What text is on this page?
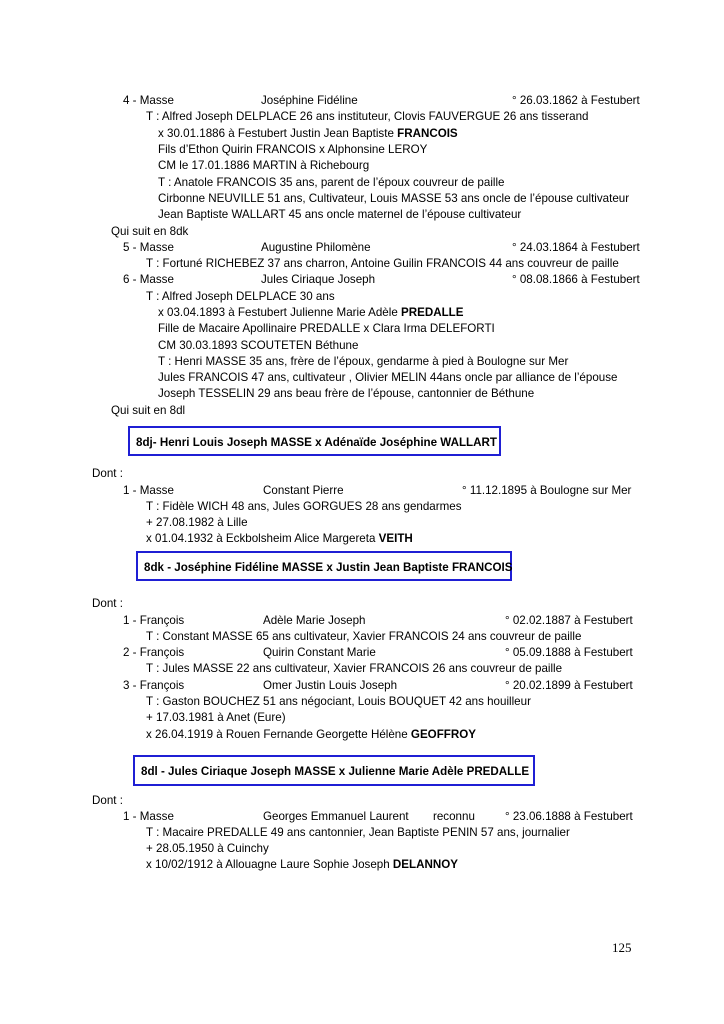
4 - Masse	Joséphine Fidéline	° 26.03.1862 à Festubert
T : Alfred Joseph DELPLACE 26 ans instituteur, Clovis FAUVERGUE 26 ans tisserand
x 30.01.1886 à Festubert Justin Jean Baptiste FRANCOIS
Fils d’Ethon Quirin FRANCOIS x Alphonsine LEROY
CM le 17.01.1886 MARTIN à Richebourg
T : Anatole FRANCOIS 35 ans, parent de l’époux couvreur de paille
Cirbonne NEUVILLE 51 ans, Cultivateur, Louis MASSE 53 ans oncle de l’épouse cultivateur
Jean Baptiste WALLART 45 ans oncle maternel de l’épouse cultivateur
Qui suit en 8dk
5 - Masse	Augustine Philomène	° 24.03.1864 à Festubert
T : Fortuné RICHEBEZ 37 ans charron, Antoine Guilin FRANCOIS 44 ans couvreur de paille
6 - Masse	Jules Ciriaque Joseph	° 08.08.1866 à Festubert
T : Alfred Joseph DELPLACE 30 ans
x 03.04.1893 à Festubert Julienne Marie Adèle PREDALLE
Fille de Macaire Apollinaire PREDALLE x Clara Irma DELEFORTI
CM 30.03.1893 SCOUTETEN Béthune
T : Henri MASSE 35 ans, frère de l’époux, gendarme à pied à Boulogne sur Mer
Jules FRANCOIS 47 ans, cultivateur , Olivier MELIN 44ans oncle par alliance de l’épouse
Joseph TESSELIN 29 ans beau frère de l’épouse, cantonnier de Béthune
Qui suit en 8dl
8dj- Henri Louis Joseph MASSE x Adénaïde Joséphine WALLART
Dont :
1 - Masse	Constant Pierre	° 11.12.1895 à Boulogne sur Mer
T : Fidèle WICH 48 ans, Jules GORGUES 28 ans gendarmes
+ 27.08.1982 à Lille
x 01.04.1932 à Eckbolsheim Alice Margereta VEITH
8dk - Joséphine Fidéline MASSE x Justin Jean Baptiste FRANCOIS
Dont :
1 - François	Adèle Marie Joseph	° 02.02.1887 à Festubert
T : Constant MASSE 65 ans cultivateur, Xavier FRANCOIS 24 ans couvreur de paille
2 - François	Quirin Constant Marie	° 05.09.1888 à Festubert
T : Jules MASSE 22 ans cultivateur, Xavier FRANCOIS 26 ans couvreur de paille
3 - François	Omer Justin Louis Joseph	° 20.02.1899 à Festubert
T : Gaston BOUCHEZ 51 ans négociant, Louis BOUQUET 42 ans houilleur
+ 17.03.1981 à Anet (Eure)
x 26.04.1919 à Rouen Fernande Georgette Hélène GEOFFROY
8dl - Jules Ciriaque Joseph MASSE x Julienne Marie Adèle PREDALLE
Dont :
1 - Masse	Georges Emmanuel Laurent reconnu	° 23.06.1888 à Festubert
T : Macaire PREDALLE 49 ans cantonnier, Jean Baptiste PENIN 57 ans, journalier
+ 28.05.1950 à Cuinchy
x 10/02/1912 à Allouagne Laure Sophie Joseph DELANNOY
125
